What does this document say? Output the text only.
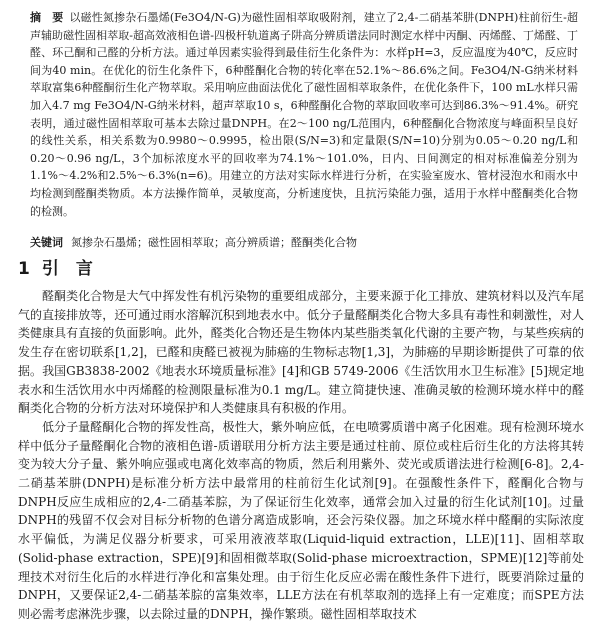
摘　要 以磁性氮掺杂石墨烯(Fe3O4/N-G)为磁性固相萃取吸附剂，建立了2,4-二硝基苯肼(DNPH)柱前衍生-超声辅助磁性固相萃取-超高效液相色谱-四极杆轨道离子阱高分辨质谱法同时测定水样中丙酮、丙烯醛、丁烯醛、丁醛、环己酮和己醛的分析方法。通过单因素实验得到最佳衍生化条件为：水样pH=3，反应温度为40℃，反应时间为40 min。在优化的衍生化条件下，6种醛酮化合物的转化率在52.1%～86.6%之间。Fe3O4/N-G纳米材料萃取富集6种醛酮衍生化产物萃取。采用响应曲面法优化了磁性固相萃取条件，在优化条件下，100 mL水样只需加入4.7 mg Fe3O4/N-G纳米材料，超声萃取10 s，6种醛酮化合物的萃取回收率可达到86.3%～91.4%。研究表明，通过磁性固相萃取可基本去除过量DNPH。在2～100 ng/L范围内，6种醛酮化合物浓度与峰面积呈良好的线性关系，相关系数为0.9980～0.9995，检出限(S/N=3)和定量限(S/N=10)分别为0.05～0.20 ng/L和0.20～0.96 ng/L，3个加标浓度水平的回收率为74.1%～101.0%，日内、日间测定的相对标准偏差分别为1.1%～4.2%和2.5%～6.3%(n=6)。用建立的方法对实际水样进行分析，在实验室废水、管材浸泡水和雨水中均检测到醛酮类物质。本方法操作简单，灵敏度高，分析速度快，且抗污染能力强，适用于水样中醛酮类化合物的检测。
关键词 氮掺杂石墨烯；磁性固相萃取；高分辨质谱；醛酮类化合物
1 引　言

醛酮类化合物是大气中挥发性有机污染物的重要组成部分，主要来源于化工排放、建筑材料以及汽车尾气的直接排放等，还可通过雨水溶解沉积到地表水中。低分子量醛酮类化合物大多具有毒性和刺激性，对人类健康具有直接的负面影响。此外，醛类化合物还是生物体内某些脂类氧化代谢的主要产物，与某些疾病的发生存在密切联系[1,2]，已醛和庚醛已被视为肺癌的生物标志物[1,3]，为肺癌的早期诊断提供了可靠的依据。我国GB3838-2002《地表水环境质量标准》[4]和GB 5749-2006《生活饮用水卫生标准》[5]规定地表水和生活饮用水中丙烯醛的检测限量标准为0.1 mg/L。建立简捷快速、准确灵敏的检测环境水样中的醛酮类化合物的分析方法对环境保护和人类健康具有积极的作用。

低分子量醛酮化合物的挥发性高，极性大，紫外响应低，在电喷雾质谱中离子化困难。现有检测环境水样中低分子量醛酮化合物的液相色谱-质谱联用分析方法主要是通过柱前、原位或柱后衍生化的方法将其转变为较大分子量、紫外响应强或电离化效率高的物质，然后利用紫外、荧光或质谱法进行检测[6-8]。2,4-二硝基苯肼(DNPH)是标准分析方法中最常用的柱前衍生化试剂[9]。在强酸性条件下，醛酮化合物与DNPH反应生成相应的2,4-二硝基苯腙，为了保证衍生化效率，通常会加入过量的衍生化试剂[10]。过量DNPH的残留不仅会对目标分析物的色谱分离造成影响，还会污染仪器。加之环境水样中醛酮的实际浓度水平偏低，为满足仪器分析要求，可采用液液萃取(Liquid-liquid extraction，LLE)[11]、固相萃取(Solid-phase extraction，SPE)[9]和固相微萃取(Solid-phase microextraction，SPME)[12]等前处理技术对衍生化后的水样进行净化和富集处理。由于衍生化反应必需在酸性条件下进行，既要消除过量的DNPH，又要保证2,4-二硝基苯腙的富集效率，LLE方法在有机萃取剂的选择上有一定难度；而SPE方法则必需考虑淋洗步骤，以去除过量的DNPH，操作繁琐。磁性固相萃取技术
